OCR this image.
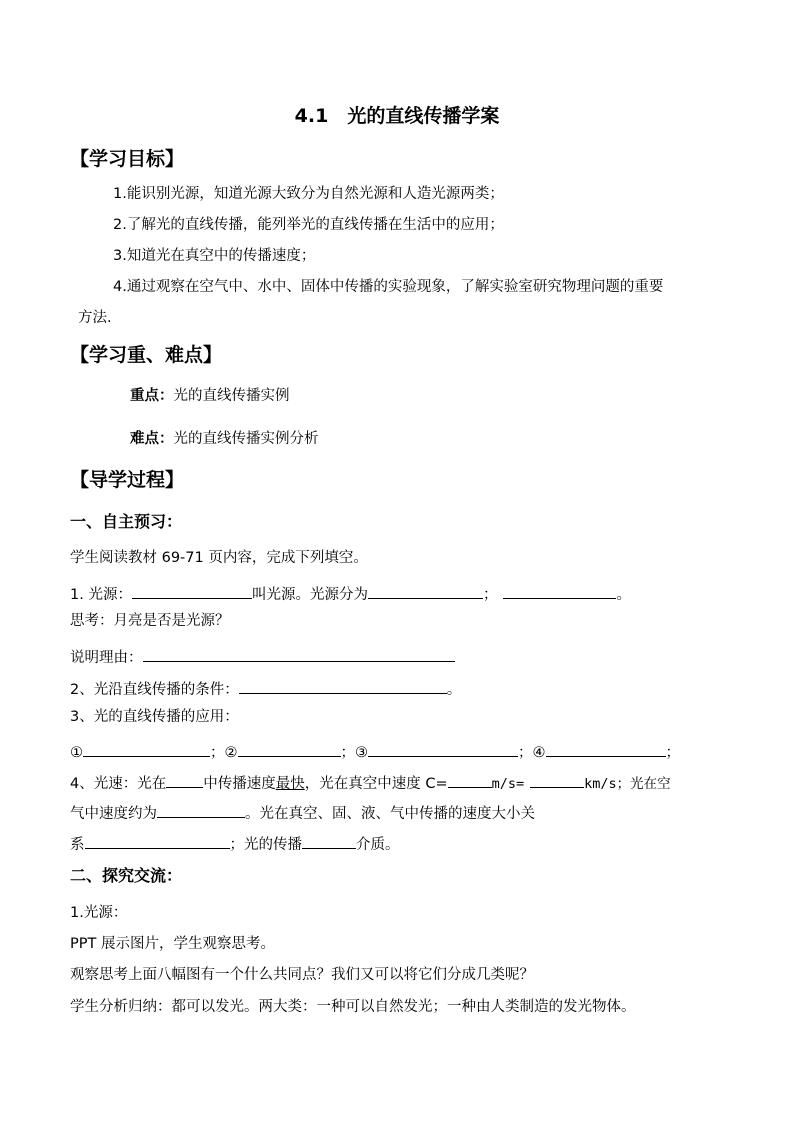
4.1　光的直线传播学案
【学习目标】
1.能识别光源，知道光源大致分为自然光源和人造光源两类；
2.了解光的直线传播，能列举光的直线传播在生活中的应用；
3.知道光在真空中的传播速度；
4.通过观察在空气中、水中、固体中传播的实验现象，了解实验室研究物理问题的重要
方法.
【学习重、难点】
重点：光的直线传播实例
难点：光的直线传播实例分析
【导学过程】
一、自主预习：
学生阅读教材 69-71 页内容，完成下列填空。
1. 光源：	叫光源。光源分为	；	。
思考：月亮是否是光源？
说明理由：
2、光沿直线传播的条件：	。
3、光的直线传播的应用：
①	；②	；③	；④	；
4、光速：光在	中传播速度最快，光在真空中速度 C=	m/s=	km/s；光在空
气中速度约为	。光在真空、固、液、气中传播的速度大小关
系	；光的传播	介质。
二、探究交流：
1.光源：
PPT 展示图片，学生观察思考。
观察思考上面八幅图有一个什么共同点？我们又可以将它们分成几类呢？
学生分析归纳：都可以发光。两大类：一种可以自然发光；一种由人类制造的发光物体。
